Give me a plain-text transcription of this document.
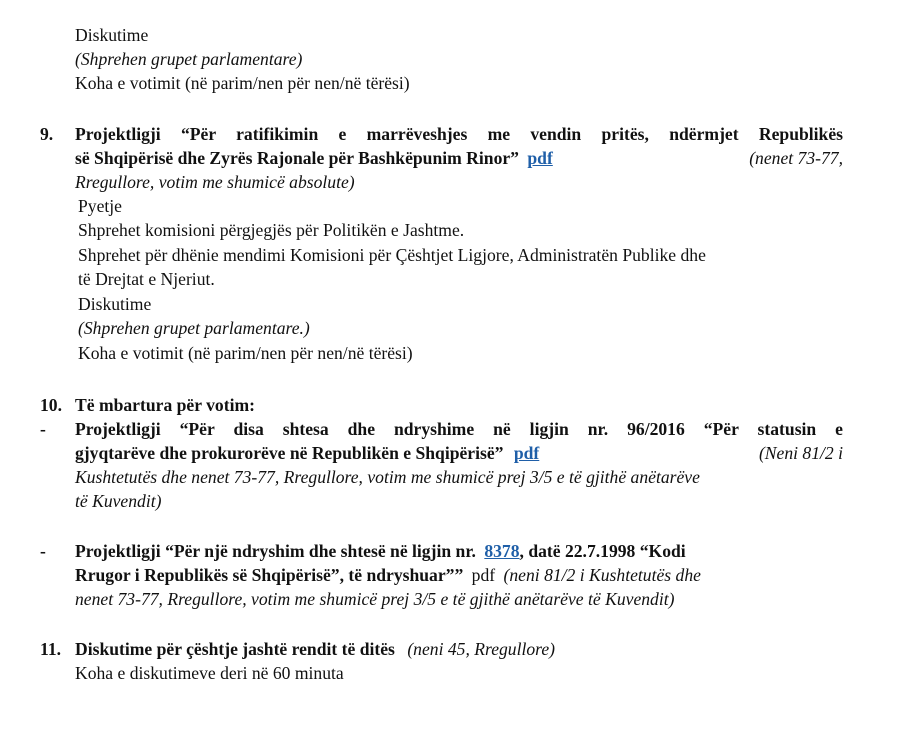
Diskutime
(Shprehen grupet parlamentare)
Koha e votimit (në parim/nen për nen/në tërësi)
9. Projektligji “Për ratifikimin e marrëveshjes me vendin pritës, ndërmjet Republikës
së Shqipërisë dhe Zyrës Rajonale për Bashkëpunim Rinor” pdf	(nenet 73-77,
Rregullore, votim me shumicë absolute)
Pyetje
Shprehet komisioni përgjegjës për Politikën e Jashtme.
Shprehet për dhënie mendimi Komisioni për Çështjet Ligjore, Administratën Publike dhe
të Drejtat e Njeriut.
Diskutime
(Shprehen grupet parlamentare.)
Koha e votimit (në parim/nen për nen/në tërësi)
10. Të mbartura për votim:
- Projektligji “Për disa shtesa dhe ndryshime në ligjin nr. 96/2016 “Për statusin e
gjyqtarëve dhe prokurorëve në Republikën e Shqipërisë” pdf	(Neni 81/2 i
Kushtetutës dhe nenet 73-77, Rregullore, votim me shumicë prej 3/5 e të gjithë anëtarëve
të Kuvendit)
- Projektligji “Për një ndryshim dhe shtesë në ligjin nr. 8378, datë 22.7.1998 “Kodi
Rrugor i Republikës së Shqipërisë”, të ndryshuar”” pdf (neni 81/2 i Kushtetutës dhe
nenet 73-77, Rregullore, votim me shumicë prej 3/5 e të gjithë anëtarëve të Kuvendit)
11. Diskutime për çështje jashtë rendit të ditës (neni 45, Rregullore)
Koha e diskutimeve deri në 60 minuta
